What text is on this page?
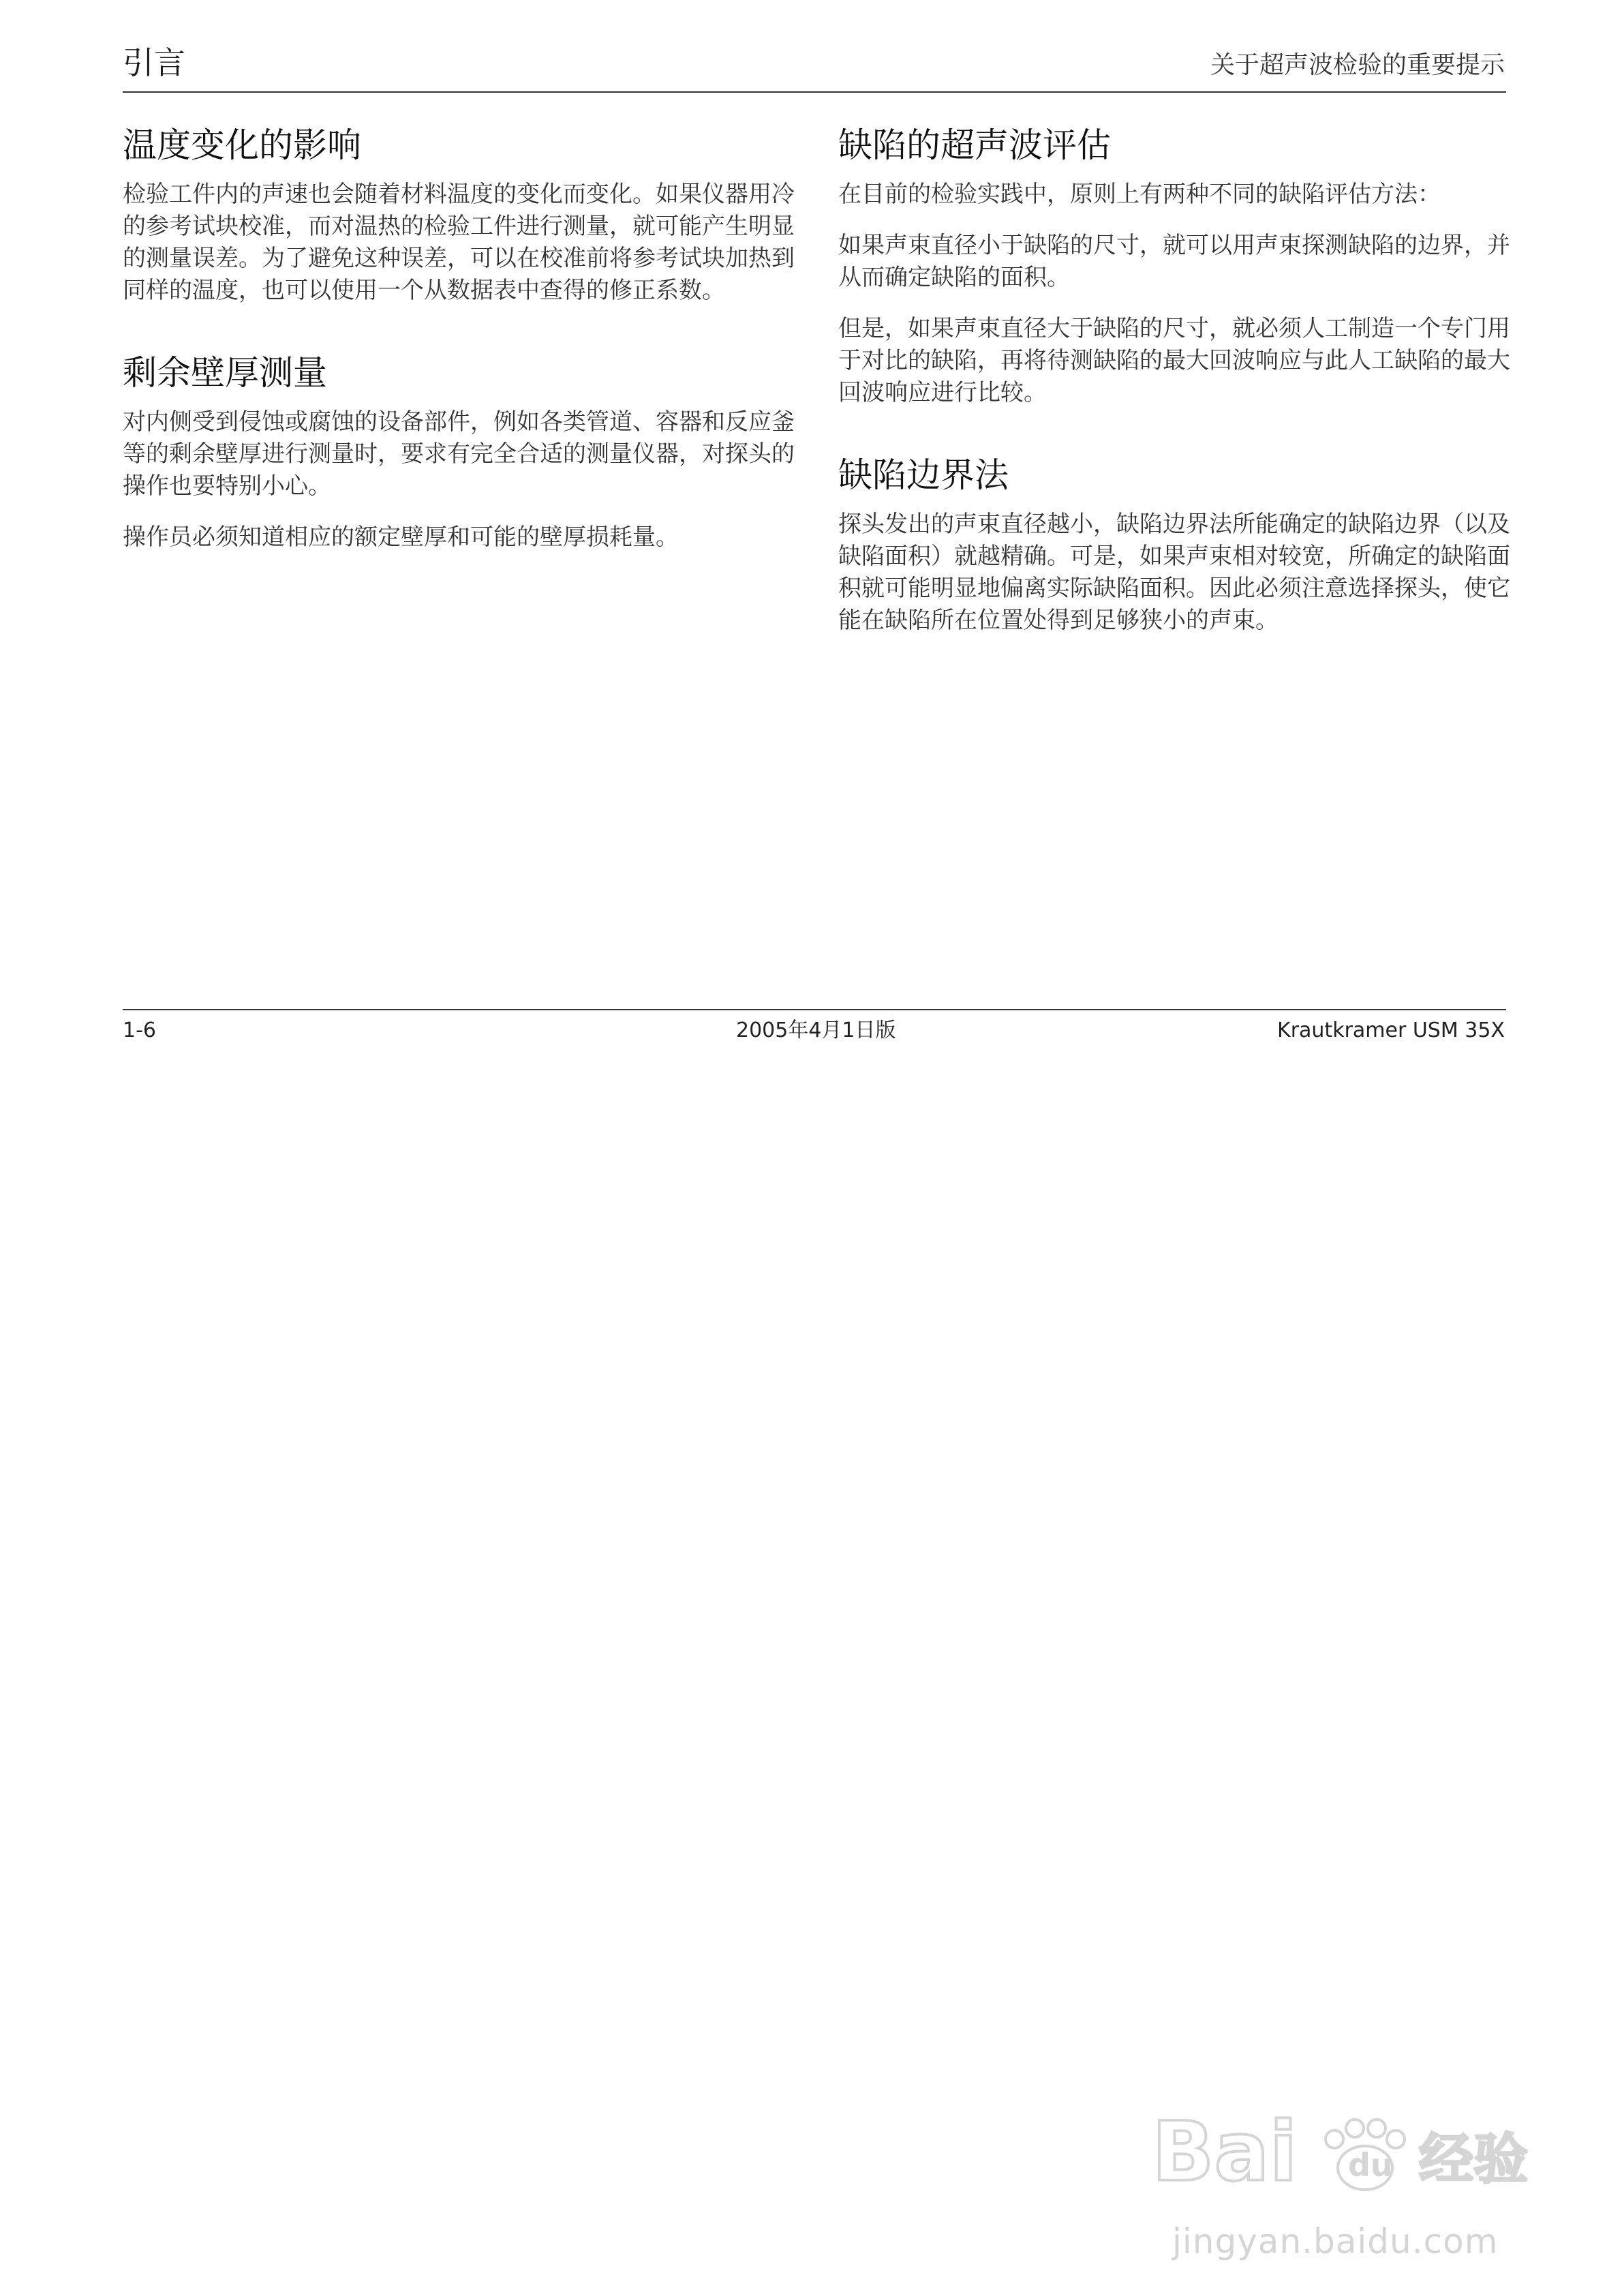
引言	关于超声波检验的重要提示
温度变化的影响

检验工件内的声速也会随着材料温度的变化而变化。如果仪器用冷的参考试块校准，而对温热的检验工件进行测量，就可能产生明显的测量误差。为了避免这种误差，可以在校准前将参考试块加热到同样的温度，也可以使用一个从数据表中查得的修正系数。

剩余壁厚测量

对内侧受到侵蚀或腐蚀的设备部件，例如各类管道、容器和反应釜等的剩余壁厚进行测量时，要求有完全合适的测量仪器，对探头的操作也要特别小心。

操作员必须知道相应的额定壁厚和可能的壁厚损耗量。

缺陷的超声波评估

在目前的检验实践中，原则上有两种不同的缺陷评估方法：

如果声束直径小于缺陷的尺寸，就可以用声束探测缺陷的边界，并从而确定缺陷的面积。

但是，如果声束直径大于缺陷的尺寸，就必须人工制造一个专门用于对比的缺陷，再将待测缺陷的最大回波响应与此人工缺陷的最大回波响应进行比较。

缺陷边界法

探头发出的声束直径越小，缺陷边界法所能确定的缺陷边界（以及缺陷面积）就越精确。可是，如果声束相对较宽，所确定的缺陷面积就可能明显地偏离实际缺陷面积。因此必须注意选择探头，使它能在缺陷所在位置处得到足够狭小的声束。

1-6	2005年4月1日版	Krautkramer USM 35X
Bai du 经验
jingyan.baidu.com
